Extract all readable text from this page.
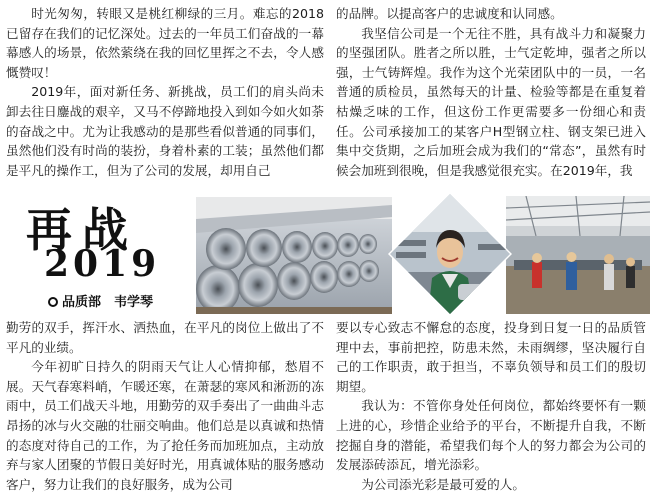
时光匆匆，转眼又是桃红柳绿的三月。难忘的2018已留存在我们的记忆深处。过去的一年员工们奋战的一幕幕感人的场景，依然萦绕在我的回忆里挥之不去，令人感慨赞叹！

2019年，面对新任务、新挑战，员工们的肩头尚未卸去往日鏖战的艰辛，又马不停蹄地投入到如今如火如荼的奋战之中。尤为让我感动的是那些看似普通的同事们，虽然他们没有时尚的装扮，身着朴素的工装；虽然他们都是平凡的操作工，但为了公司的发展，却用自己

的品牌。以提高客户的忠诚度和认同感。

我坚信公司是一个无往不胜，具有战斗力和凝聚力的坚强团队。胜者之所以胜，士气定乾坤，强者之所以强，士气铸辉煌。我作为这个光荣团队中的一员，一名普通的质检员，虽然每天的计量、检验等都是在重复着枯燥乏味的工作，但这份工作更需要多一份细心和责任。公司承接加工的某客户H型钢立柱、钢支架已进入集中交货期，之后加班会成为我们的“常态”，虽然有时候会加班到很晚，但是我感觉很充实。在2019年，我

再战
2019
品质部　韦学琴

勤劳的双手，挥汗水、洒热血，在平凡的岗位上做出了不平凡的业绩。

今年初旷日持久的阴雨天气让人心情抑郁，愁眉不展。天气春寒料峭，乍暖还寒，在萧瑟的寒风和淅沥的冻雨中，员工们战天斗地，用勤劳的双手奏出了一曲曲斗志昂扬的冰与火交融的壮丽交响曲。他们总是以真诚和热情的态度对待自己的工作，为了抢任务而加班加点，主动放弃与家人团聚的节假日美好时光，用真诚体贴的服务感动客户，努力让我们的良好服务，成为公司

要以专心致志不懈怠的态度，投身到日复一日的品质管理中去，事前把控，防患未然，未雨绸缪，坚决履行自己的工作职责，敢于担当，不辜负领导和员工们的殷切期望。

我认为：不管你身处任何岗位，都始终要怀有一颗上进的心，珍惜企业给予的平台，不断提升自我，不断挖掘自身的潜能，希望我们每个人的努力都会为公司的发展添砖添瓦，增光添彩。

为公司添光彩是最可爱的人。
